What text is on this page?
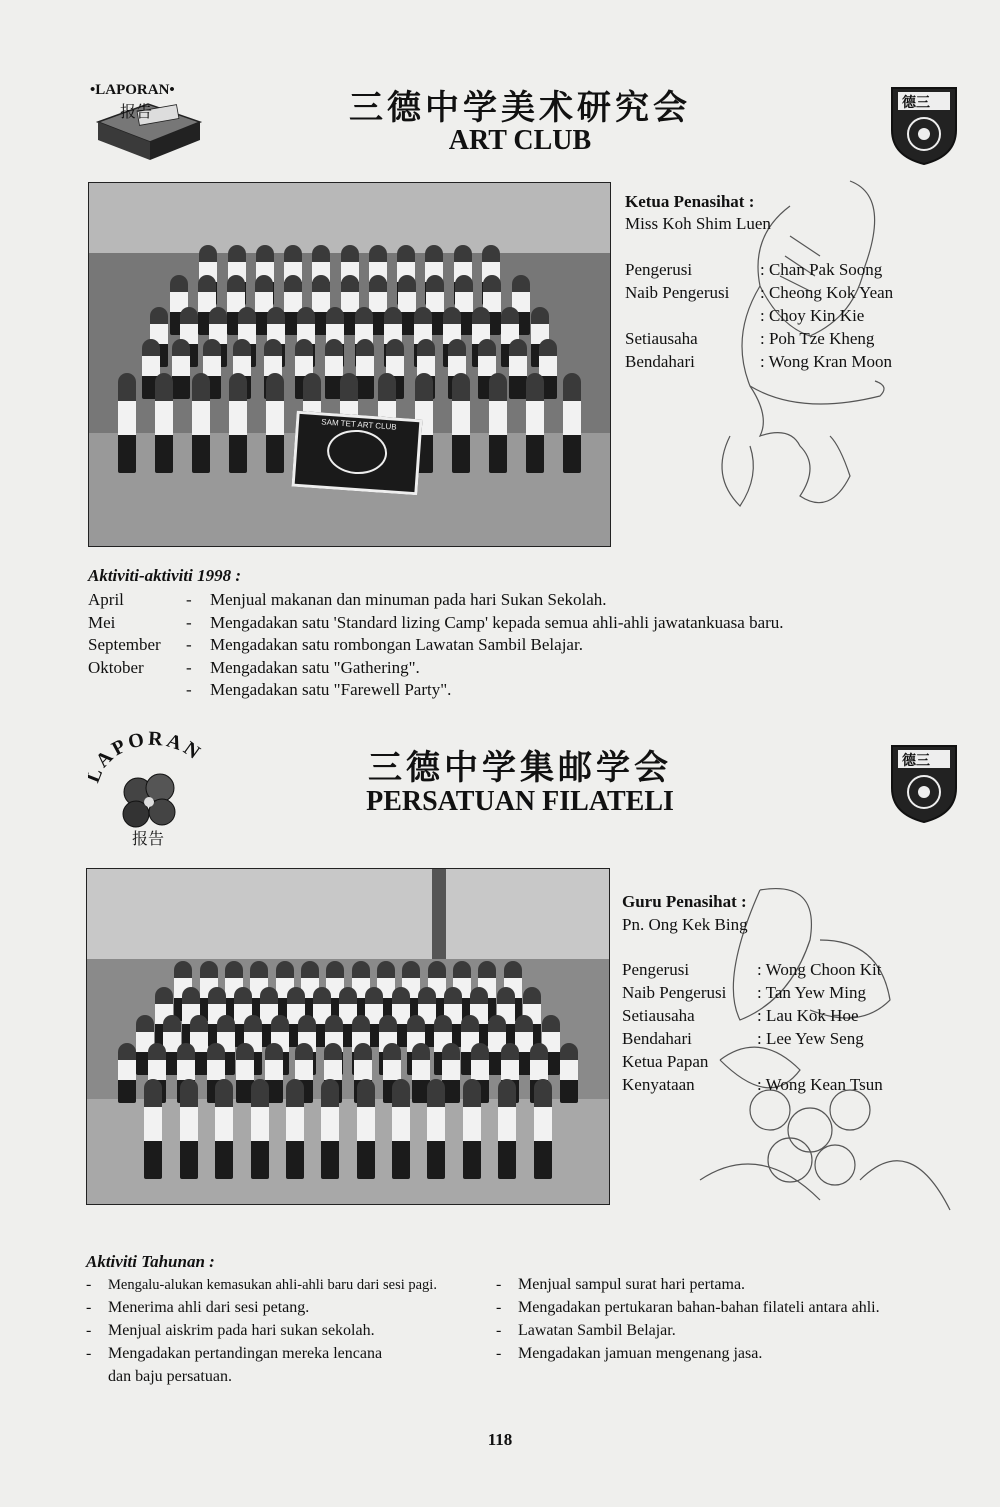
•LAPORAN•
报告	三德中学美术研究会
ART CLUB
德三
SAM TET ART CLUB
Ketua Penasihat :
Miss Koh Shim Luen
Pengerusi	: Chan Pak Soong
Naib Pengerusi : Cheong Kok Yean
: Choy Kin Kie
Setiausaha	: Poh Tze Kheng
Bendahari	: Wong Kran Moon
Aktiviti-aktiviti 1998 :
April	- Menjual makanan dan minuman pada hari Sukan Sekolah.
Mei	- Mengadakan satu 'Standard lizing Camp' kepada semua ahli-ahli jawatankuasa baru.
September - Mengadakan satu rombongan Lawatan Sambil Belajar.
Oktober - Mengadakan satu "Gathering".
- Mengadakan satu "Farewell Party".
APORAN
报告
三德中学集邮学会
PERSATUAN FILATELI
德三
Guru Penasihat :
Pn. Ong Kek Bing
Pengerusi	: Wong Choon Kit
Naib Pengerusi : Tan Yew Ming
Setiausaha	: Lau Kok Hoe
Bendahari	: Lee Yew Seng
Ketua Papan
Kenyataan	: Wong Kean Tsun
Aktiviti Tahunan :
- Mengalu-alukan kemasukan ahli-ahli baru dari sesi pagi.
- Menerima ahli dari sesi petang.
- Menjual aiskrim pada hari sukan sekolah.
- Mengadakan pertandingan mereka lencana
dan baju persatuan.
- Menjual sampul surat hari pertama.
- Mengadakan pertukaran bahan-bahan filateli antara ahli.
- Lawatan Sambil Belajar.
- Mengadakan jamuan mengenang jasa.
118
